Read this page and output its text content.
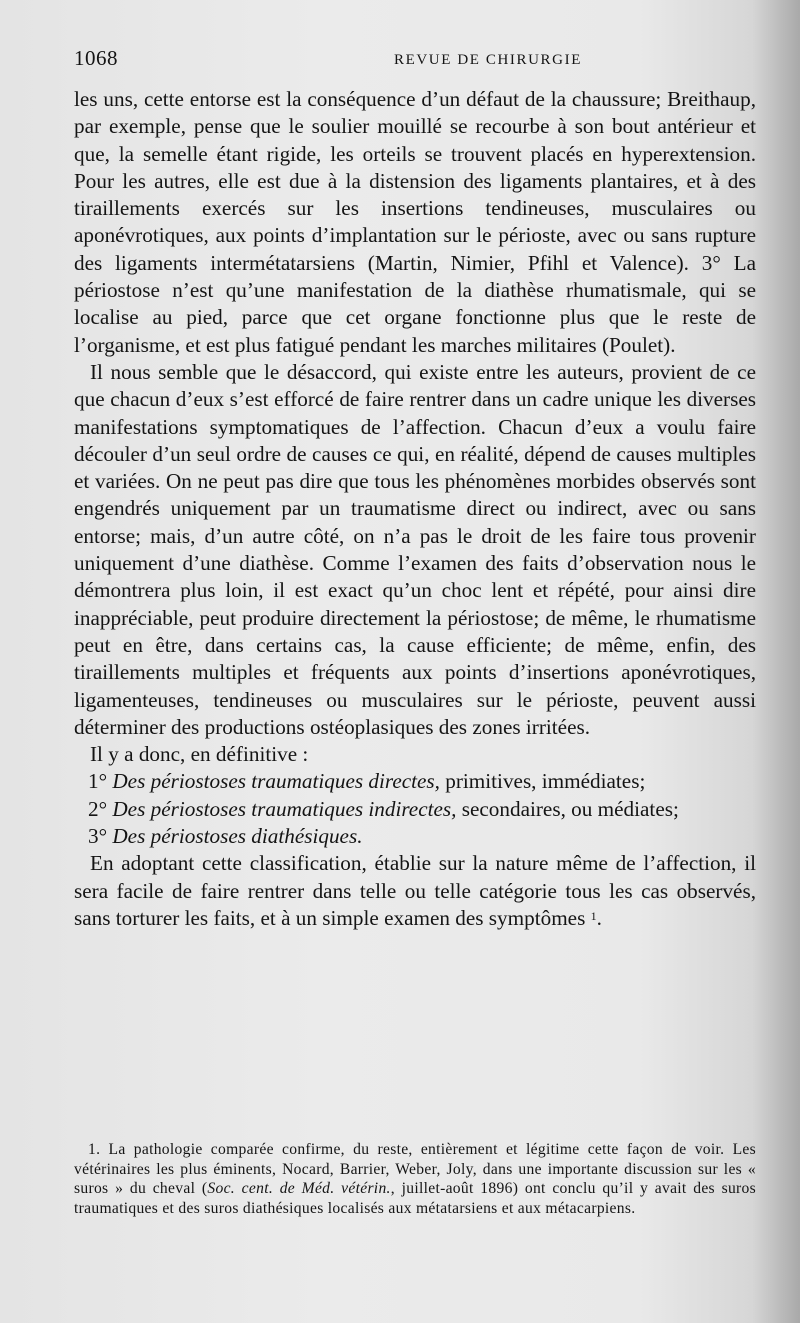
1068	REVUE DE CHIRURGIE

les uns, cette entorse est la conséquence d’un défaut de la chaussure; Breithaup, par exemple, pense que le soulier mouillé se recourbe à son bout antérieur et que, la semelle étant rigide, les orteils se trouvent placés en hyperextension. Pour les autres, elle est due à la distension des ligaments plantaires, et à des tiraillements exercés sur les insertions tendineuses, musculaires ou aponévrotiques, aux points d’implantation sur le périoste, avec ou sans rupture des ligaments intermétatarsiens (Martin, Nimier, Pfihl et Valence). 3° La périostose n’est qu’une manifestation de la diathèse rhumatismale, qui se localise au pied, parce que cet organe fonctionne plus que le reste de l’organisme, et est plus fatigué pendant les marches militaires (Poulet).

Il nous semble que le désaccord, qui existe entre les auteurs, provient de ce que chacun d’eux s’est efforcé de faire rentrer dans un cadre unique les diverses manifestations symptomatiques de l’affection. Chacun d’eux a voulu faire découler d’un seul ordre de causes ce qui, en réalité, dépend de causes multiples et variées. On ne peut pas dire que tous les phénomènes morbides observés sont engendrés uniquement par un traumatisme direct ou indirect, avec ou sans entorse; mais, d’un autre côté, on n’a pas le droit de les faire tous provenir uniquement d’une diathèse. Comme l’examen des faits d’observation nous le démontrera plus loin, il est exact qu’un choc lent et répété, pour ainsi dire inappréciable, peut produire directement la périostose; de même, le rhumatisme peut en être, dans certains cas, la cause efficiente; de même, enfin, des tiraillements multiples et fréquents aux points d’insertions aponévrotiques, ligamenteuses, tendineuses ou musculaires sur le périoste, peuvent aussi déterminer des productions ostéoplasiques des zones irritées.

Il y a donc, en définitive :

1° Des périostoses traumatiques directes, primitives, immédiates;

2° Des périostoses traumatiques indirectes, secondaires, ou médiates;

3° Des périostoses diathésiques.

En adoptant cette classification, établie sur la nature même de l’affection, il sera facile de faire rentrer dans telle ou telle catégorie tous les cas observés, sans torturer les faits, et à un simple examen des symptômes $^1$.

1. La pathologie comparée confirme, du reste, entièrement et légitime cette façon de voir. Les vétérinaires les plus éminents, Nocard, Barrier, Weber, Joly, dans une importante discussion sur les « suros » du cheval (Soc. cent. de Méd. vétérin., juillet-août 1896) ont conclu qu’il y avait des suros traumatiques et des suros diathésiques localisés aux métatarsiens et aux métacarpiens.
